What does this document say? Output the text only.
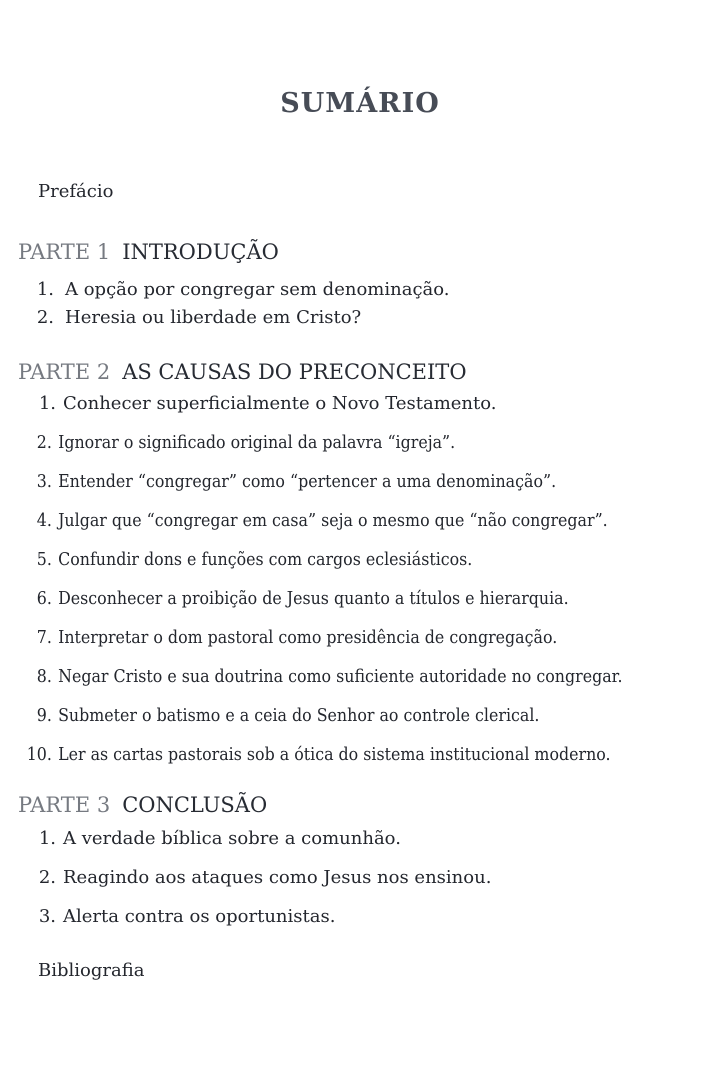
SUMÁRIO
Prefácio
PARTE 1 INTRODUÇÃO
1. A opção por congregar sem denominação.
2. Heresia ou liberdade em Cristo?
PARTE 2 AS CAUSAS DO PRECONCEITO
1. Conhecer superficialmente o Novo Testamento.
2. Ignorar o significado original da palavra “igreja”.
3. Entender “congregar” como “pertencer a uma denominação”.
4. Julgar que “congregar em casa” seja o mesmo que “não congregar”.
5. Confundir dons e funções com cargos eclesiásticos.
6. Desconhecer a proibição de Jesus quanto a títulos e hierarquia.
7. Interpretar o dom pastoral como presidência de congregação.
8. Negar Cristo e sua doutrina como suficiente autoridade no congregar.
9. Submeter o batismo e a ceia do Senhor ao controle clerical.
10. Ler as cartas pastorais sob a ótica do sistema institucional moderno.
PARTE 3 CONCLUSÃO
1. A verdade bíblica sobre a comunhão.
2. Reagindo aos ataques como Jesus nos ensinou.
3. Alerta contra os oportunistas.
Bibliografia
